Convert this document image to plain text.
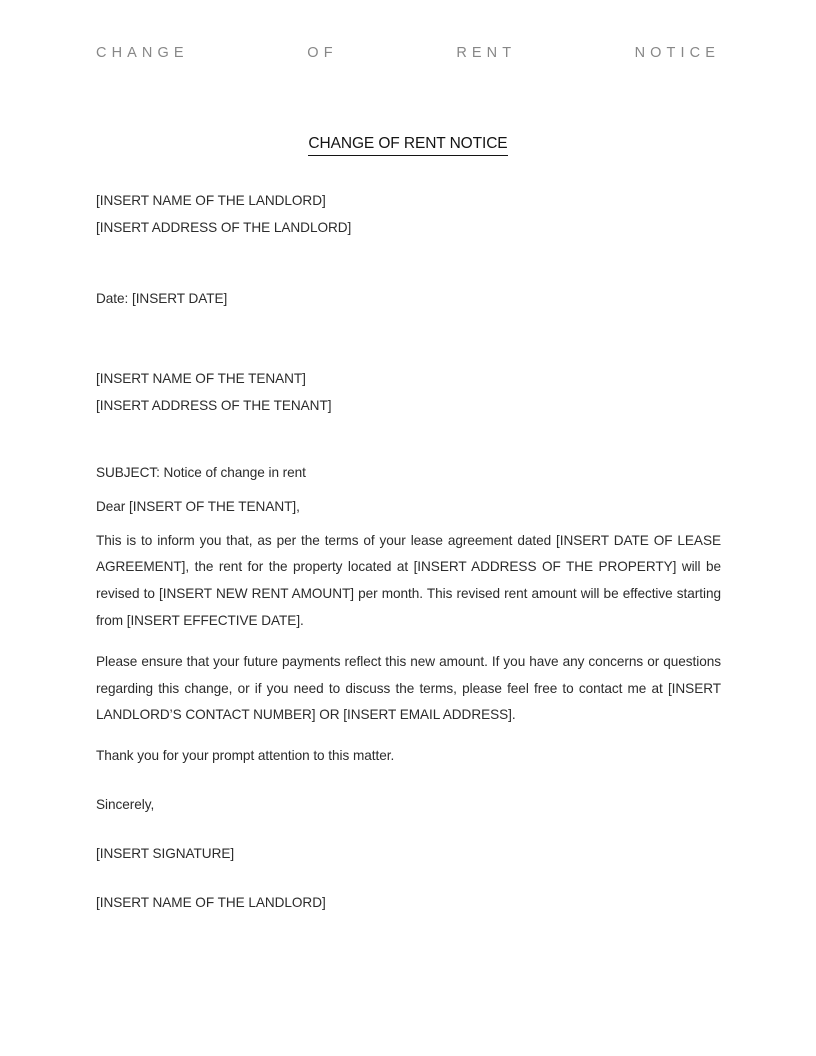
CHANGE OF RENT NOTICE
CHANGE OF RENT NOTICE

[INSERT NAME OF THE LANDLORD]

[INSERT ADDRESS OF THE LANDLORD]

Date: [INSERT DATE]

[INSERT NAME OF THE TENANT]

[INSERT ADDRESS OF THE TENANT]

SUBJECT: Notice of change in rent

Dear [INSERT OF THE TENANT],

This is to inform you that, as per the terms of your lease agreement dated [INSERT DATE OF LEASE AGREEMENT], the rent for the property located at [INSERT ADDRESS OF THE PROPERTY] will be revised to [INSERT NEW RENT AMOUNT] per month. This revised rent amount will be effective starting from [INSERT EFFECTIVE DATE].

Please ensure that your future payments reflect this new amount. If you have any concerns or questions regarding this change, or if you need to discuss the terms, please feel free to contact me at [INSERT LANDLORD’S CONTACT NUMBER] OR [INSERT EMAIL ADDRESS].

Thank you for your prompt attention to this matter.

Sincerely,

[INSERT SIGNATURE]

[INSERT NAME OF THE LANDLORD]
